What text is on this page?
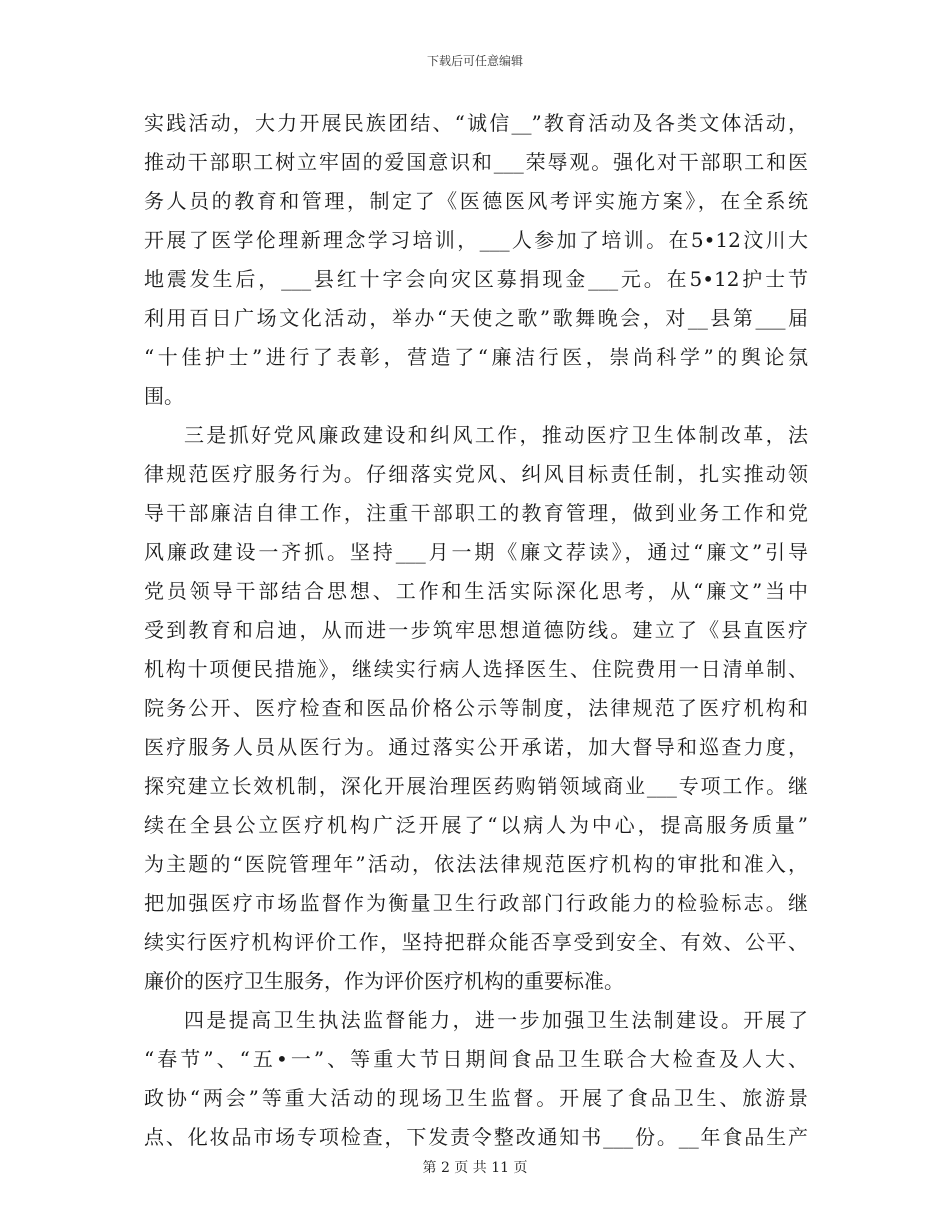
下载后可任意编辑
实践活动，大力开展民族团结、“诚信__”教育活动及各类文体活动，
推动干部职工树立牢固的爱国意识和___荣辱观。强化对干部职工和医
务人员的教育和管理，制定了《医德医风考评实施方案》，在全系统
开展了医学伦理新理念学习培训，___人参加了培训。在5•12汶川大
地震发生后，___县红十字会向灾区募捐现金___元。在5•12护士节
利用百日广场文化活动，举办“天使之歌”歌舞晚会，对__县第___届
“十佳护士”进行了表彰，营造了“廉洁行医，崇尚科学”的舆论氛
围。
三是抓好党风廉政建设和纠风工作，推动医疗卫生体制改革，法
律规范医疗服务行为。仔细落实党风、纠风目标责任制，扎实推动领
导干部廉洁自律工作，注重干部职工的教育管理，做到业务工作和党
风廉政建设一齐抓。坚持___月一期《廉文荐读》，通过“廉文”引导
党员领导干部结合思想、工作和生活实际深化思考，从“廉文”当中
受到教育和启迪，从而进一步筑牢思想道德防线。建立了《县直医疗
机构十项便民措施》，继续实行病人选择医生、住院费用一日清单制、
院务公开、医疗检查和医品价格公示等制度，法律规范了医疗机构和
医疗服务人员从医行为。通过落实公开承诺，加大督导和巡查力度，
探究建立长效机制，深化开展治理医药购销领域商业___专项工作。继
续在全县公立医疗机构广泛开展了“以病人为中心，提高服务质量”
为主题的“医院管理年”活动，依法法律规范医疗机构的审批和准入，
把加强医疗市场监督作为衡量卫生行政部门行政能力的检验标志。继
续实行医疗机构评价工作，坚持把群众能否享受到安全、有效、公平、
廉价的医疗卫生服务，作为评价医疗机构的重要标准。
四是提高卫生执法监督能力，进一步加强卫生法制建设。开展了
“春节”、“五•一”、等重大节日期间食品卫生联合大检查及人大、
政协“两会”等重大活动的现场卫生监督。开展了食品卫生、旅游景
点、化妆品市场专项检查，下发责令整改通知书___份。__年食品生产
第 2 页 共 11 页
